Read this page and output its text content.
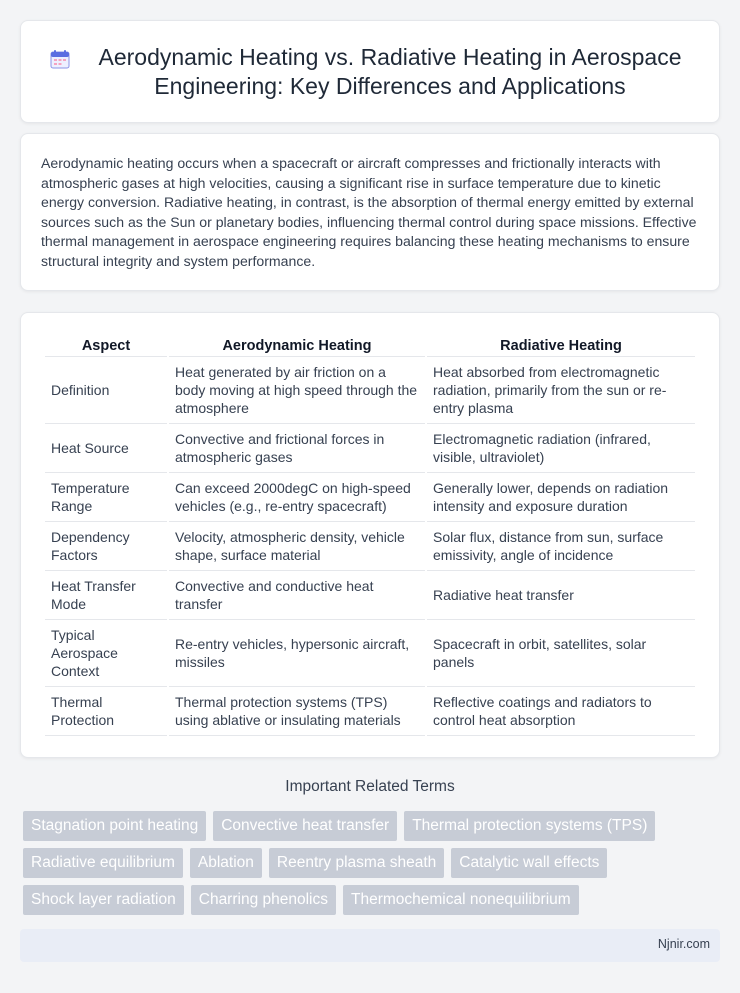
Aerodynamic Heating vs. Radiative Heating in Aerospace Engineering: Key Differences and Applications

Aerodynamic heating occurs when a spacecraft or aircraft compresses and frictionally interacts with atmospheric gases at high velocities, causing a significant rise in surface temperature due to kinetic energy conversion. Radiative heating, in contrast, is the absorption of thermal energy emitted by external sources such as the Sun or planetary bodies, influencing thermal control during space missions. Effective thermal management in aerospace engineering requires balancing these heating mechanisms to ensure structural integrity and system performance.

Aspect	Aerodynamic Heating	Radiative Heating
Definition	Heat generated by air friction on a body moving at high speed through the atmosphere	Heat absorbed from electromagnetic radiation, primarily from the sun or re-entry plasma
Heat Source	Convective and frictional forces in atmospheric gases	Electromagnetic radiation (infrared, visible, ultraviolet)
Temperature Range	Can exceed 2000degC on high-speed vehicles (e.g., re-entry spacecraft)	Generally lower, depends on radiation intensity and exposure duration
Dependency Factors	Velocity, atmospheric density, vehicle shape, surface material	Solar flux, distance from sun, surface emissivity, angle of incidence
Heat Transfer Mode	Convective and conductive heat transfer	Radiative heat transfer
Typical Aerospace Context	Re-entry vehicles, hypersonic aircraft, missiles	Spacecraft in orbit, satellites, solar panels
Thermal Protection	Thermal protection systems (TPS) using ablative or insulating materials	Reflective coatings and radiators to control heat absorption
Important Related Terms
Stagnation point heating	Convective heat transfer	Thermal protection systems (TPS)
Radiative equilibrium	Ablation	Reentry plasma sheath	Catalytic wall effects
Shock layer radiation	Charring phenolics	Thermochemical nonequilibrium
Njnir.com
